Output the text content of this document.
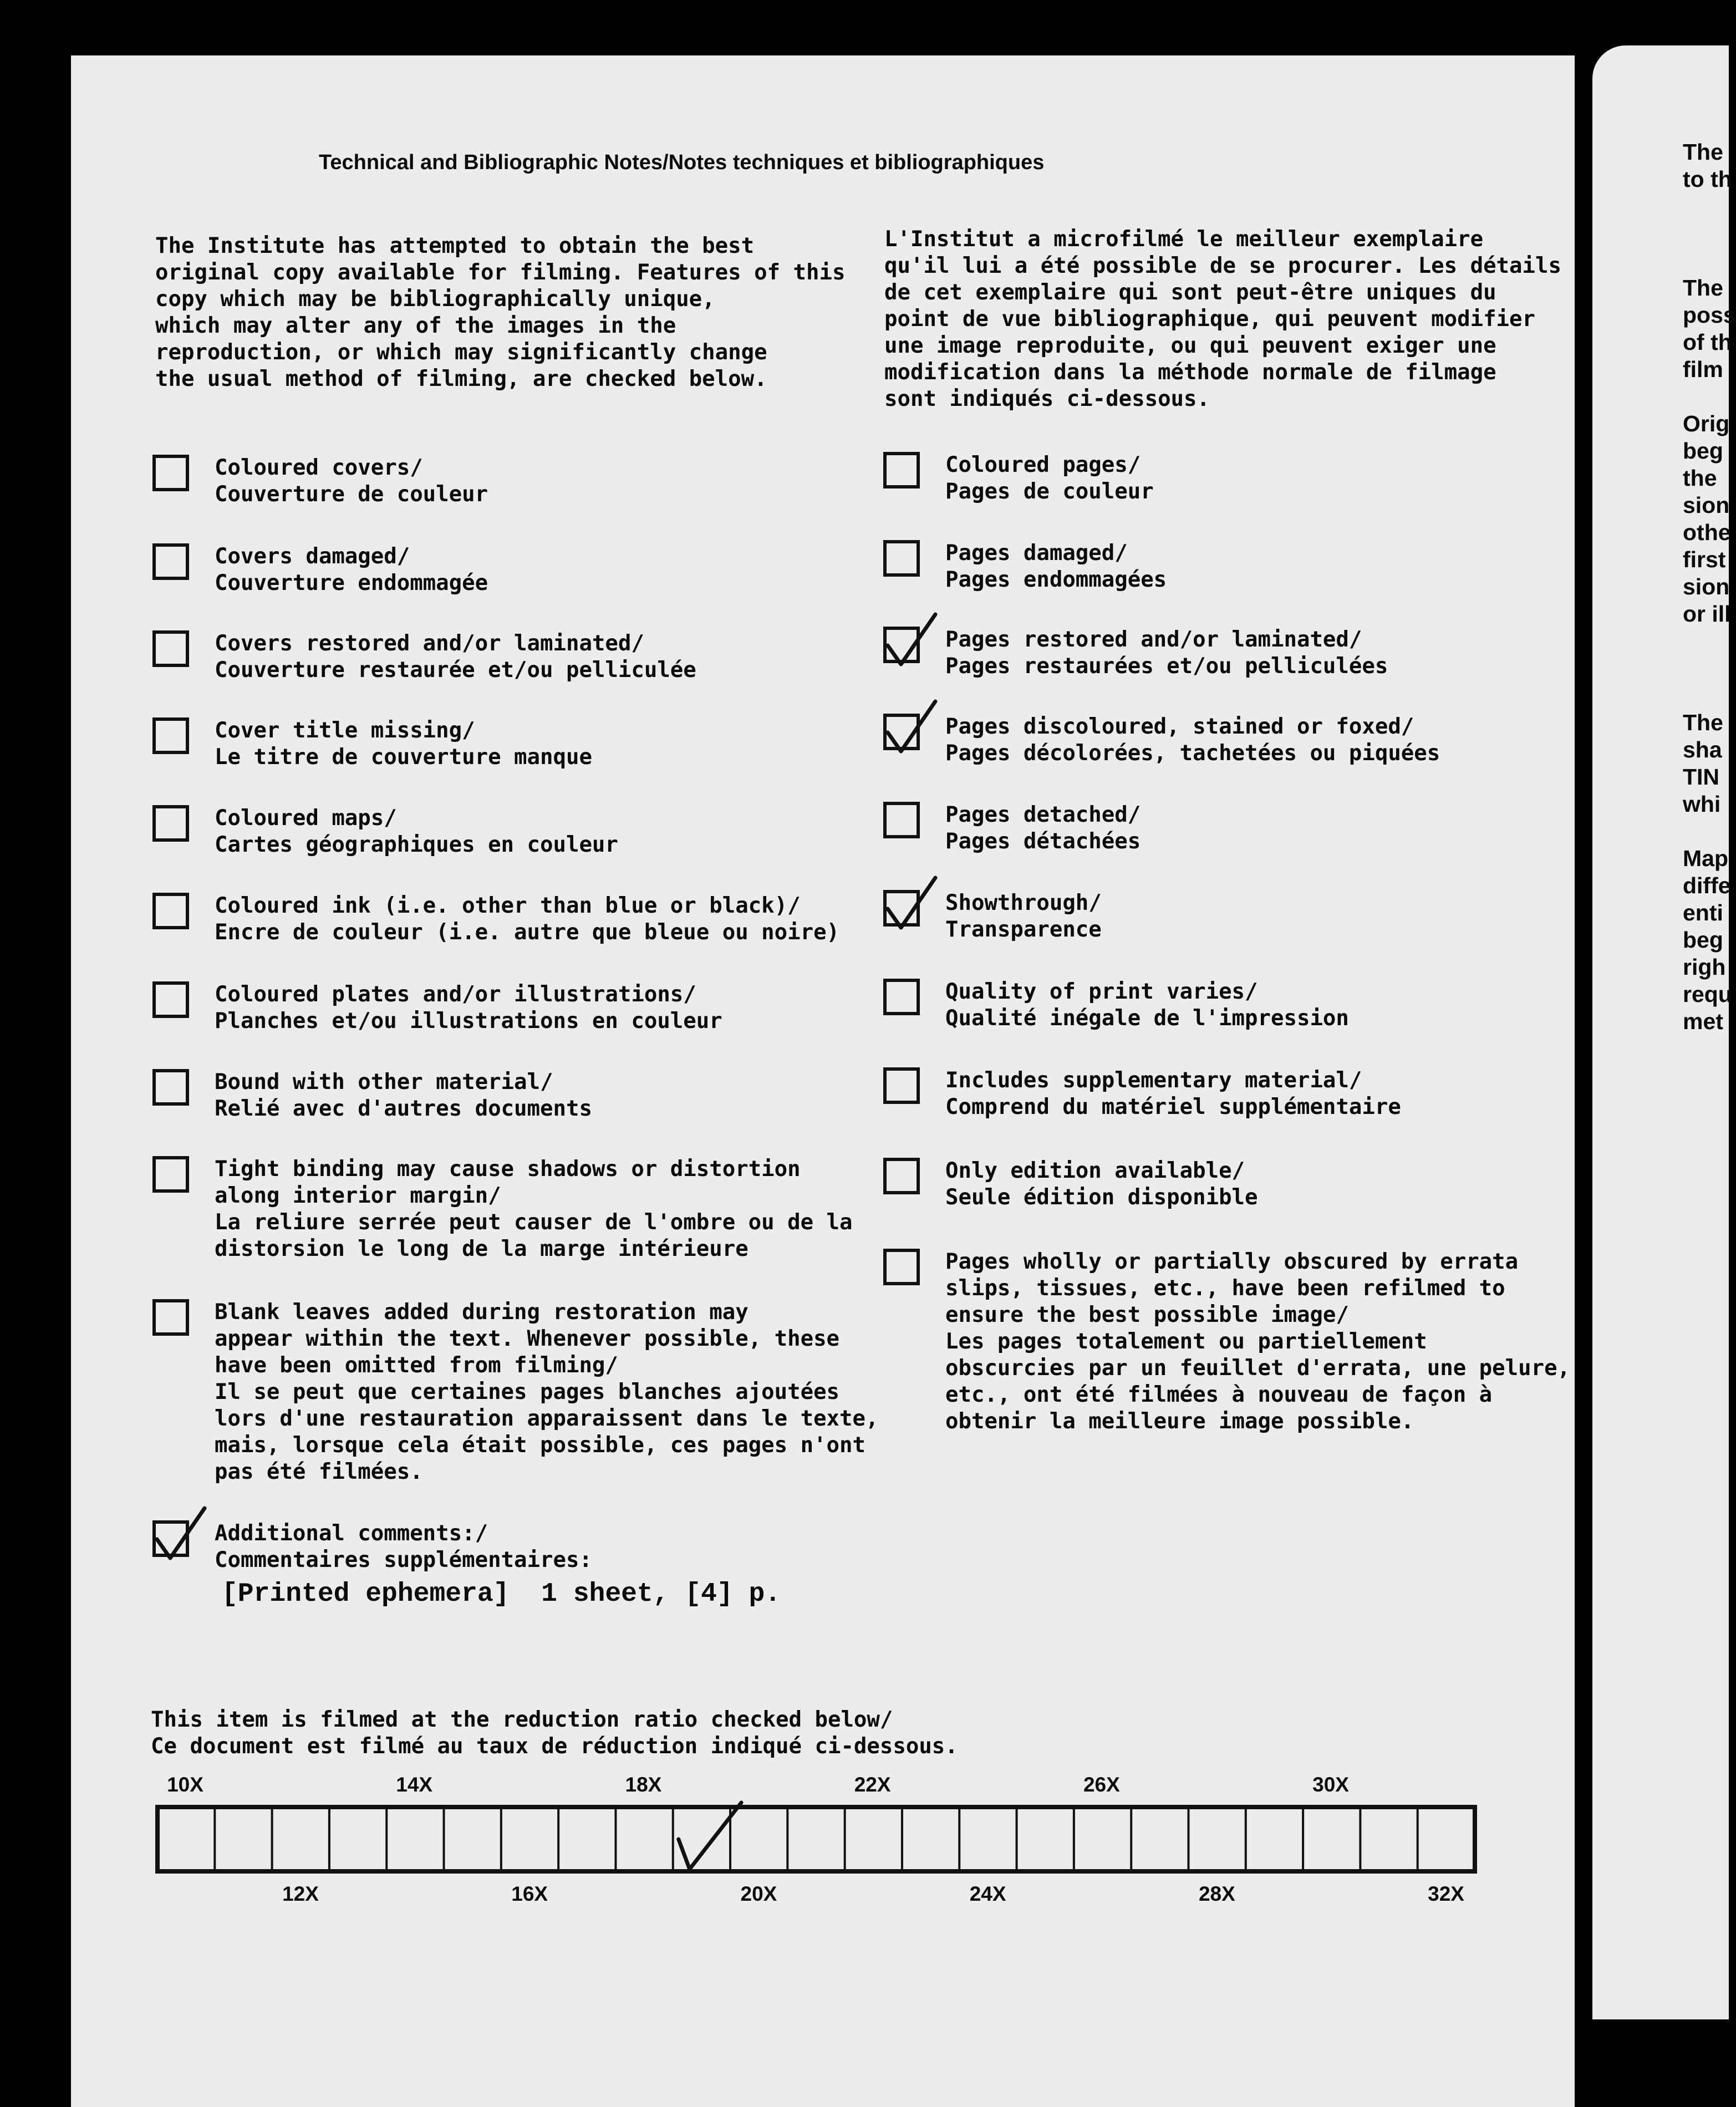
The
to th
The
poss
of th
film
Orig
beg
the
sion
othe
first
sion
or ill
The
sha
TIN
whi
Map
diffe
enti
beg
righ
requ
met
Technical and Bibliographic Notes/Notes techniques et bibliographiques
The Institute has attempted to obtain the best
original copy available for filming. Features of this
copy which may be bibliographically unique,
which may alter any of the images in the
reproduction, or which may significantly change
the usual method of filming, are checked below.
L'Institut a microfilmé le meilleur exemplaire
qu'il lui a été possible de se procurer. Les détails
de cet exemplaire qui sont peut-être uniques du
point de vue bibliographique, qui peuvent modifier
une image reproduite, ou qui peuvent exiger une
modification dans la méthode normale de filmage
sont indiqués ci-dessous.
Coloured covers/
Couverture de couleur
Covers damaged/
Couverture endommagée
Covers restored and/or laminated/
Couverture restaurée et/ou pelliculée
Cover title missing/
Le titre de couverture manque
Coloured maps/
Cartes géographiques en couleur
Coloured ink (i.e. other than blue or black)/
Encre de couleur (i.e. autre que bleue ou noire)
Coloured plates and/or illustrations/
Planches et/ou illustrations en couleur
Bound with other material/
Relié avec d'autres documents
Tight binding may cause shadows or distortion
along interior margin/
La reliure serrée peut causer de l'ombre ou de la
distorsion le long de la marge intérieure
Blank leaves added during restoration may
appear within the text. Whenever possible, these
have been omitted from filming/
Il se peut que certaines pages blanches ajoutées
lors d'une restauration apparaissent dans le texte,
mais, lorsque cela était possible, ces pages n'ont
pas été filmées.
Additional comments:/
Commentaires supplémentaires:
Coloured pages/
Pages de couleur
Pages damaged/
Pages endommagées
Pages restored and/or laminated/
Pages restaurées et/ou pelliculées
Pages discoloured, stained or foxed/
Pages décolorées, tachetées ou piquées
Pages detached/
Pages détachées
Showthrough/
Transparence
Quality of print varies/
Qualité inégale de l'impression
Includes supplementary material/
Comprend du matériel supplémentaire
Only edition available/
Seule édition disponible
Pages wholly or partially obscured by errata
slips, tissues, etc., have been refilmed to
ensure the best possible image/
Les pages totalement ou partiellement
obscurcies par un feuillet d'errata, une pelure,
etc., ont été filmées à nouveau de façon à
obtenir la meilleure image possible.
[Printed ephemera]  1 sheet, [4] p.
This item is filmed at the reduction ratio checked below/
Ce document est filmé au taux de réduction indiqué ci-dessous.
10X	14X	18X	22X	26X	30X
12X	16X	20X	24X	28X	32X
